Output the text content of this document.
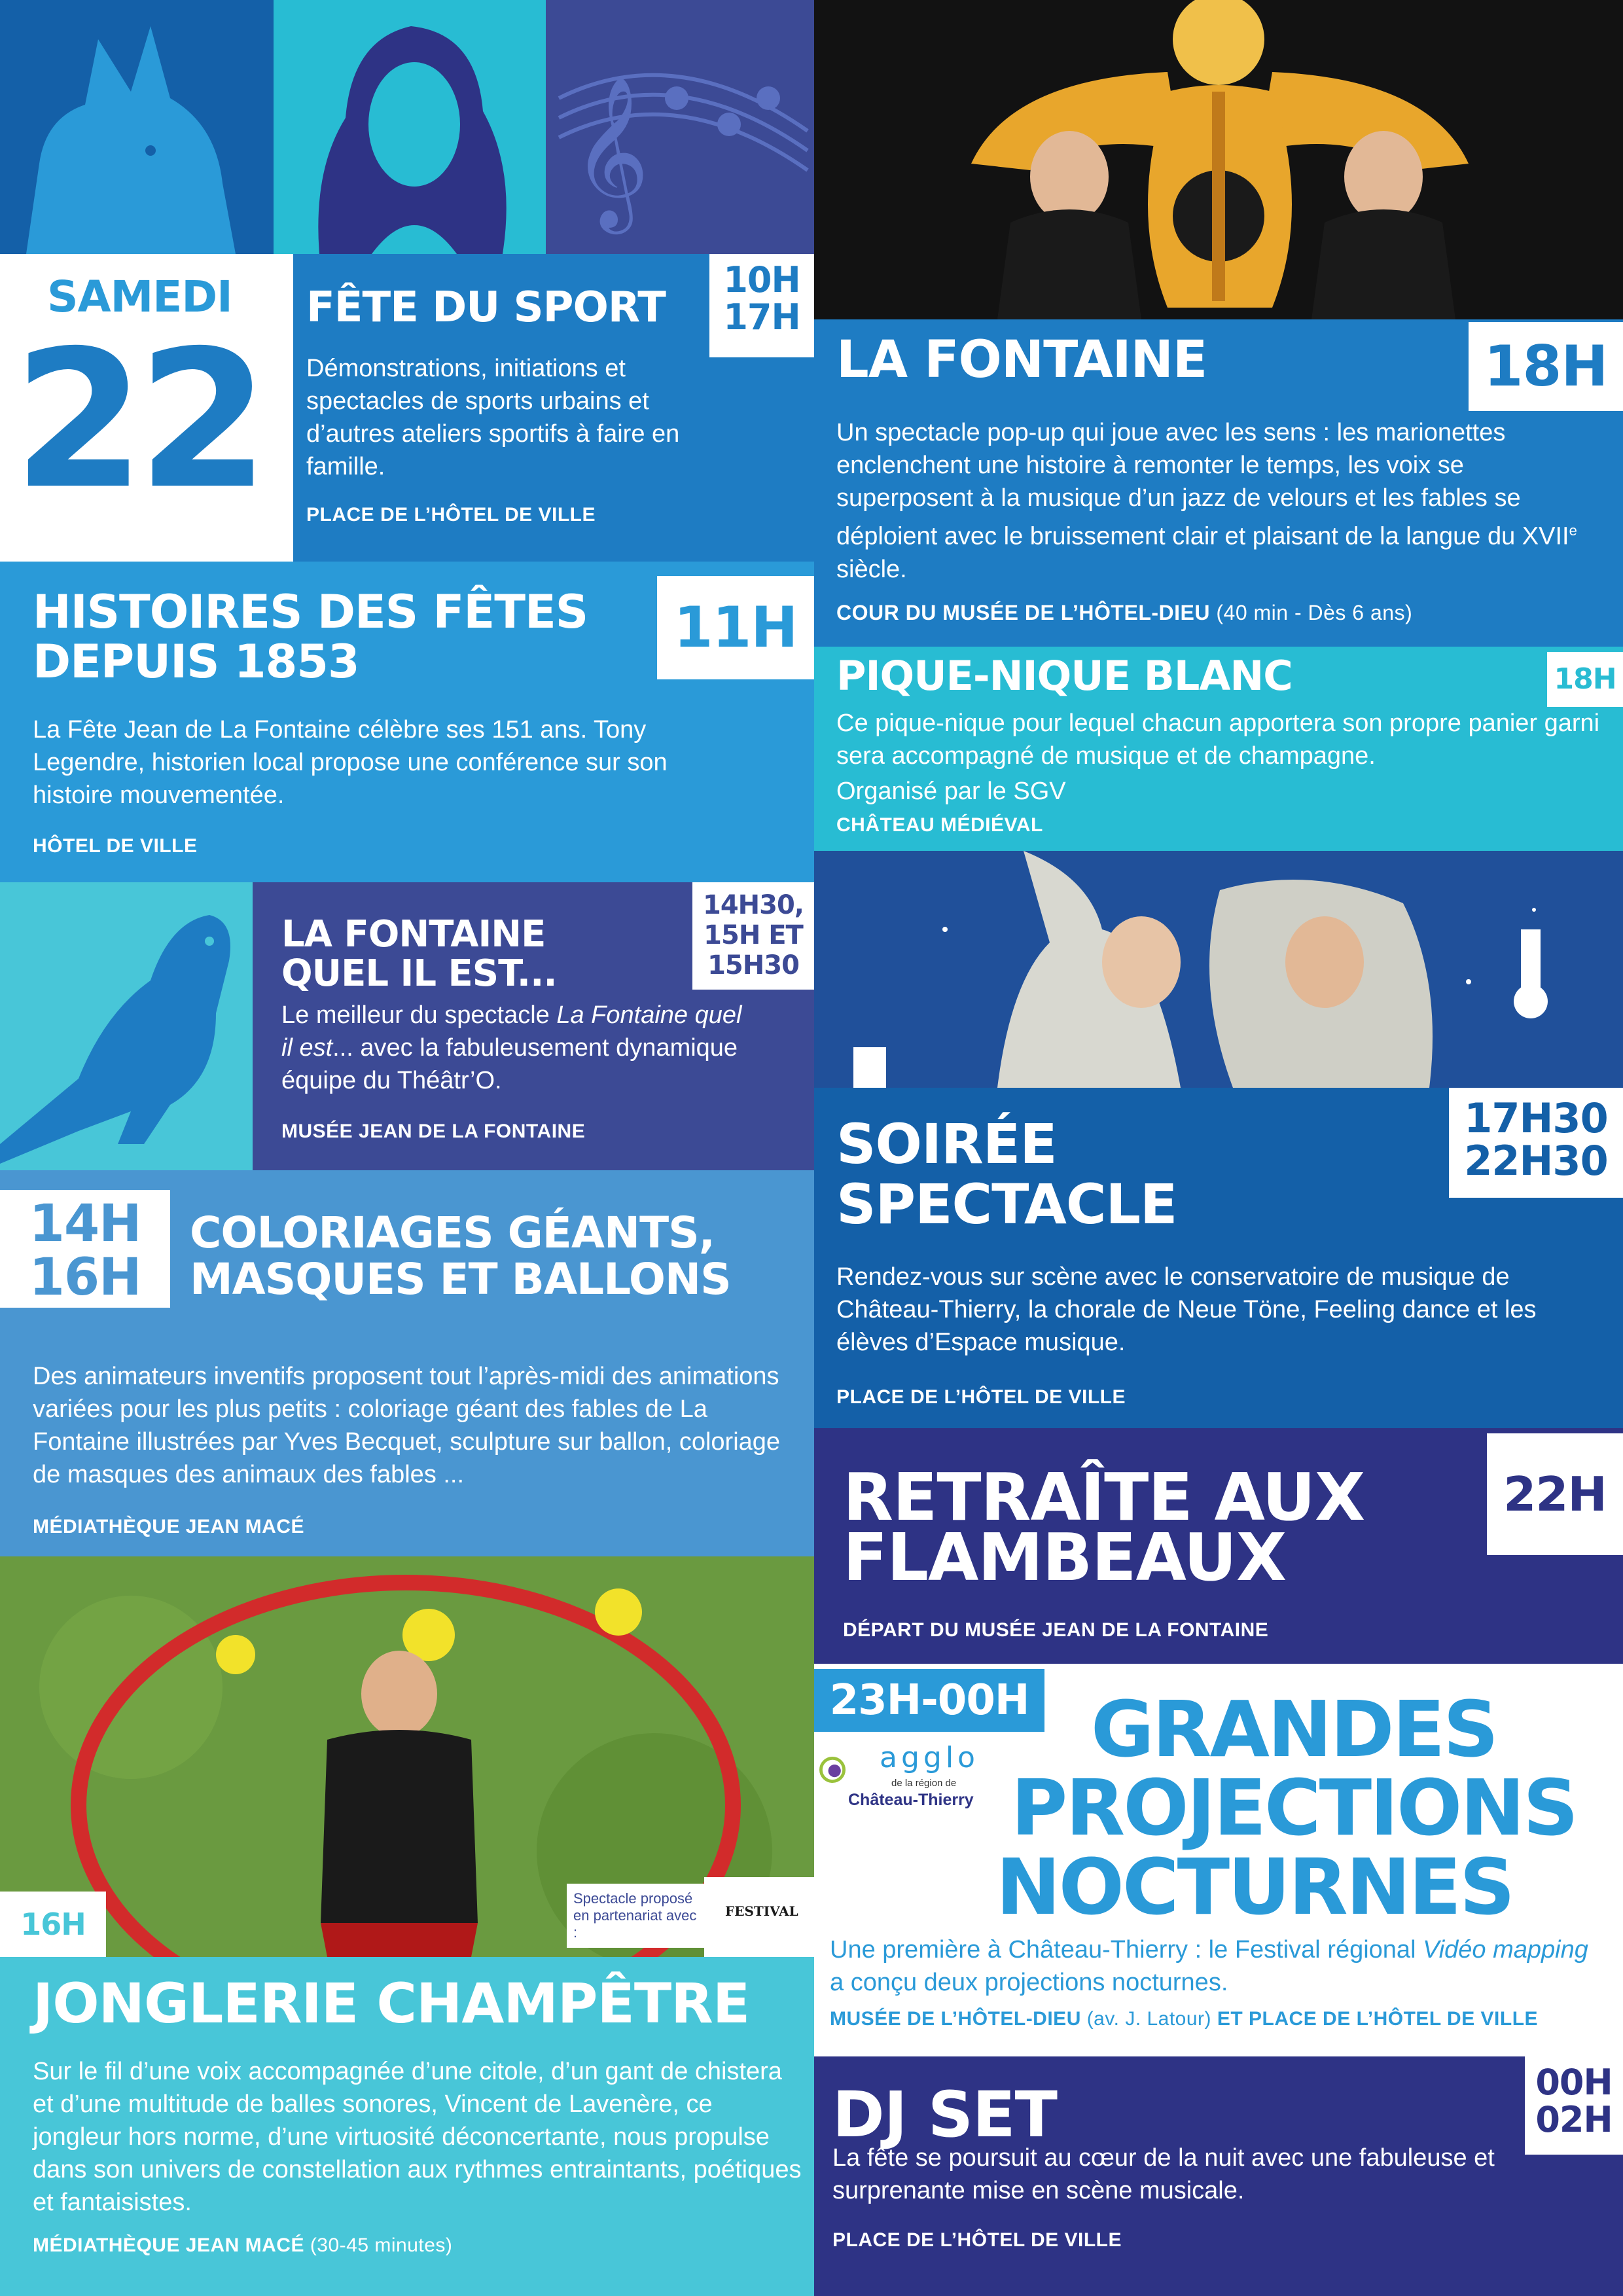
𝄞
SAMEDI
22
FÊTE DU SPORT
10H
17H
Démonstrations, initiations et spectacles de sports urbains et d’autres ateliers sportifs à faire en famille.
PLACE DE L’HÔTEL DE VILLE
HISTOIRES DES FÊTES
DEPUIS 1853
11H
La Fête Jean de La Fontaine célèbre ses 151 ans. Tony Legendre, historien local propose une conférence sur son histoire mouvementée.
HÔTEL DE VILLE
LA FONTAINE
QUEL IL EST...
14H30,
15H ET
15H30
Le meilleur du spectacle La Fontaine quel il est... avec la fabuleusement dynamique équipe du Théâtr’O.
MUSÉE JEAN DE LA FONTAINE
14H
16H
COLORIAGES GÉANTS,
MASQUES ET BALLONS
Des animateurs inventifs proposent tout l’après-midi des animations variées pour les plus petits : coloriage géant des fables de La Fontaine illustrées par Yves Becquet, sculpture sur ballon, coloriage de masques des animaux des fables ...
MÉDIATHÈQUE JEAN MACÉ
Spectacle proposé en partenariat avec :
FESTIVAL
16H
JONGLERIE CHAMPÊTRE
Sur le fil d’une voix accompagnée d’une citole, d’un gant de chistera et d’une multitude de balles sonores, Vincent de Lavenère, ce jongleur hors norme, d’une virtuosité déconcertante, nous propulse dans son univers de constellation aux rythmes entraintants, poétiques et fantaisistes.
MÉDIATHÈQUE JEAN MACÉ (30-45 minutes)
LA FONTAINE	18H
Un spectacle pop-up qui joue avec les sens : les marionettes enclenchent une histoire à remonter le temps, les voix se superposent à la musique d’un jazz de velours et les fables se déploient avec le bruissement clair et plaisant de la langue du XVIIe siècle.
COUR DU MUSÉE DE L’HÔTEL-DIEU (40 min - Dès 6 ans)
PIQUE-NIQUE BLANC	18H
Ce pique-nique pour lequel chacun apportera son propre panier garni sera accompagné de musique et de champagne.
Organisé par le SGV
CHÂTEAU MÉDIÉVAL
SOIRÉE
SPECTACLE
17H30
22H30
Rendez-vous sur scène avec le conservatoire de musique de Château-Thierry, la chorale de Neue Töne, Feeling dance et les élèves d’Espace musique.
PLACE DE L’HÔTEL DE VILLE
RETRAÎTE AUX
FLAMBEAUX
22H
DÉPART DU MUSÉE JEAN DE LA FONTAINE
23H-00H
agglo
de la région de
Château-Thierry
GRANDES
PROJECTIONS
NOCTURNES
Une première à Château-Thierry : le Festival régional Vidéo mapping a conçu deux projections nocturnes.
MUSÉE DE L’HÔTEL-DIEU (av. J. Latour) ET PLACE DE L’HÔTEL DE VILLE
DJ SET	00H
02H
La fête se poursuit au cœur de la nuit avec une fabuleuse et surprenante mise en scène musicale.
PLACE DE L’HÔTEL DE VILLE
